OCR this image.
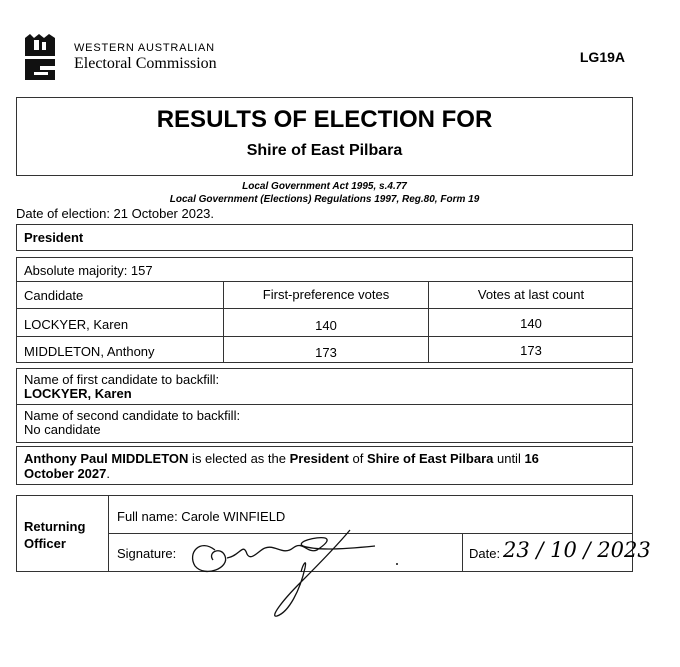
WESTERN AUSTRALIAN
Electoral Commission	LG19A
RESULTS OF ELECTION FOR
Shire of East Pilbara
Local Government Act 1995, s.4.77
Local Government (Elections) Regulations 1997, Reg.80, Form 19
Date of election: 21 October 2023.
President
Absolute majority: 157
Candidate	First-preference votes	Votes at last count
LOCKYER, Karen	140	140
MIDDLETON, Anthony	173	173
Name of first candidate to backfill:
LOCKYER, Karen
Name of second candidate to backfill:
No candidate
Anthony Paul MIDDLETON is elected as the President of Shire of East Pilbara until 16
October 2027.
Returning
Officer
Full name: Carole WINFIELD
Signature:	Date: 23 / 10 / 2023
